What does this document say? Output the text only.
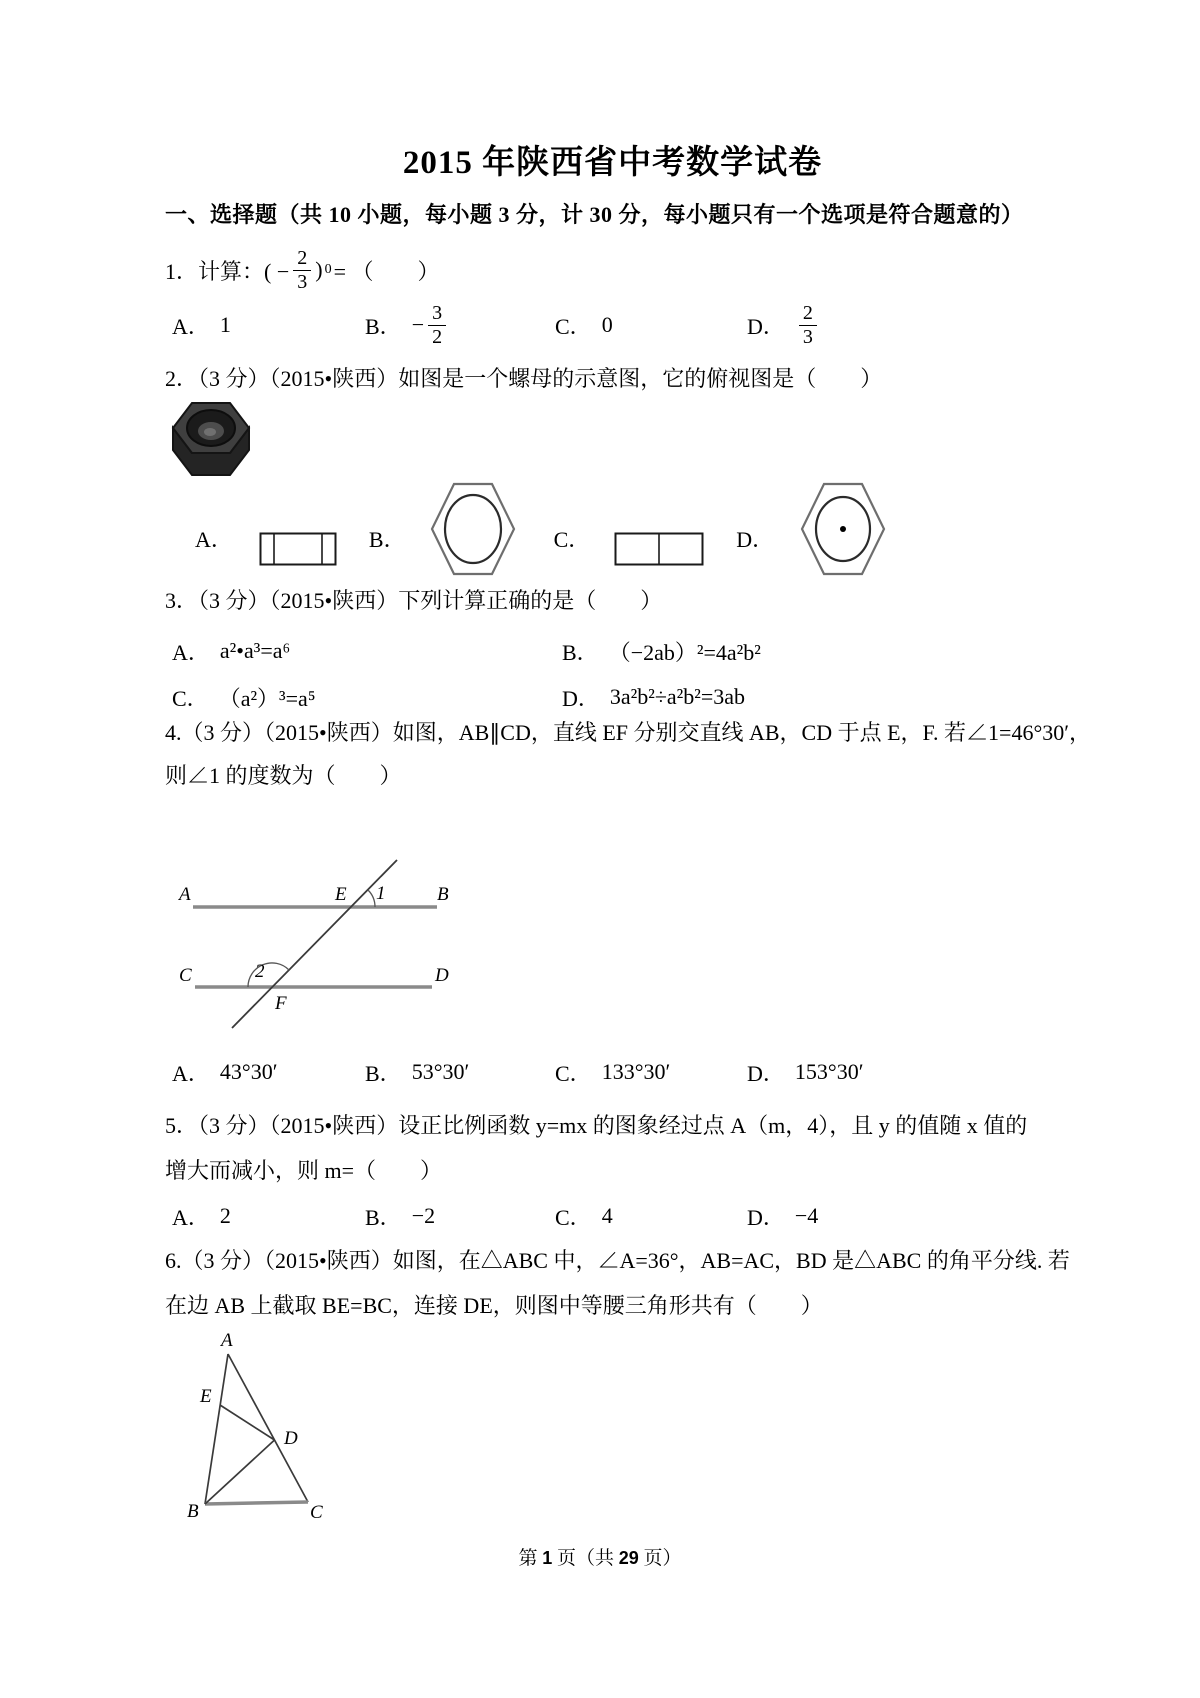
2015 年陕西省中考数学试卷
一、选择题（共 10 小题，每小题 3 分，计 30 分，每小题只有一个选项是符合题意的）
1．计算：( − $\frac{2}{3}$ ) 0 = （　　）
A． 1	B． − $\frac{3}{2}$	C． 0	D． $\frac{2}{3}$
2．（3 分）（2015•陕西）如图是一个螺母的示意图，它的俯视图是（　　）
A．	B．	C．	D．
3．（3 分）（2015•陕西）下列计算正确的是（　　）
A． a²•a³=a⁶	B． （−2ab）²=4a²b²
C． （a²）³=a⁵	D． 3a²b²÷a²b²=3ab
4.（3 分）（2015•陕西）如图，AB∥CD，直线 EF 分别交直线 AB，CD 于点 E，F. 若∠1=46°30′，
则∠1 的度数为（　　）
A	E 1	B
C	2	D
F
A． 43°30′	B． 53°30′	C． 133°30′	D． 153°30′
5．（3 分）（2015•陕西）设正比例函数 y=mx 的图象经过点 A（m，4），且 y 的值随 x 值的
增大而减小，则 m=（　　）
A． 2	B． −2	C． 4	D． −4
6.（3 分）（2015•陕西）如图，在△ABC 中，∠A=36°，AB=AC，BD 是△ABC 的角平分线. 若
在边 AB 上截取 BE=BC，连接 DE，则图中等腰三角形共有（　　）
A
E
D
B	C
第 1 页（共 29 页）
